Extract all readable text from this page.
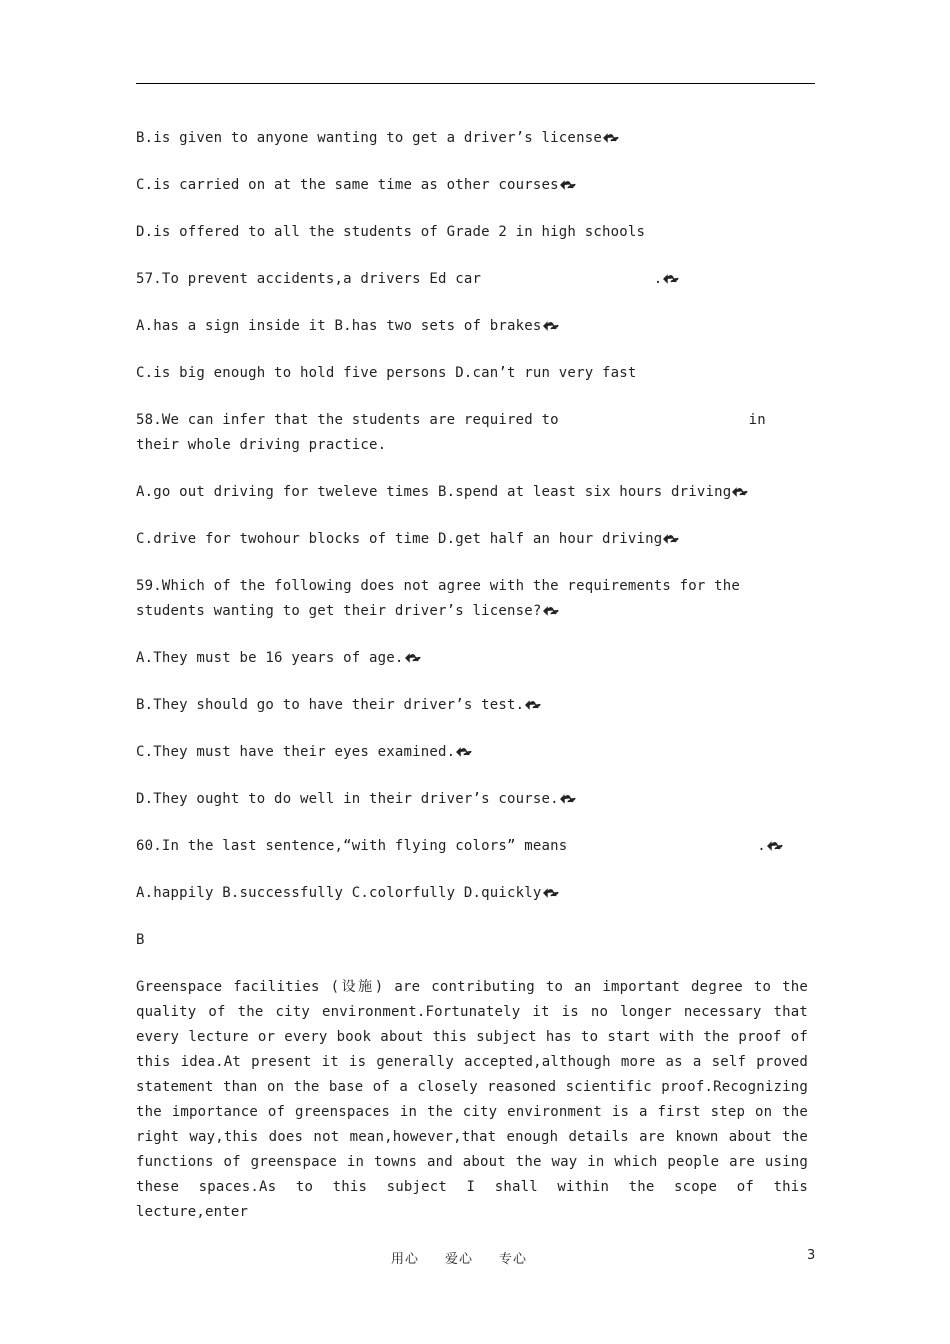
B.is given to anyone wanting to get a driver’s license

C.is carried on at the same time as other courses

D.is offered to all the students of Grade 2 in high schools

57.To prevent accidents,a drivers Ed car                    .

A.has a sign inside it B.has two sets of brakes

C.is big enough to hold five persons D.can’t run very fast

58.We can infer that the students are required to                      in their whole driving practice.

A.go out driving for tweleve times B.spend at least six hours driving

C.drive for twohour blocks of time D.get half an hour driving

59.Which of the following does not agree with the requirements for the students wanting to get their driver’s license?

A.They must be 16 years of age.

B.They should go to have their driver’s test.

C.They must have their eyes examined.

D.They ought to do well in their driver’s course.

60.In the last sentence,“with flying colors” means                      .

A.happily B.successfully C.colorfully D.quickly

B

Greenspace facilities (设施) are contributing to an important degree to the quality of the city environment.Fortunately it is no longer necessary that every lecture or every book about this subject has to start with the proof of this idea.At present it is generally accepted,although more as a self proved statement than on the base of a closely reasoned scientific proof.Recognizing the importance of greenspaces in the city environment is a first step on the right way,this does not mean,however,that enough details are known about the functions of greenspace in towns and about the way in which people are using these spaces.As to this subject I shall within the scope of this lecture,enter

用心 爱心 专心	3
